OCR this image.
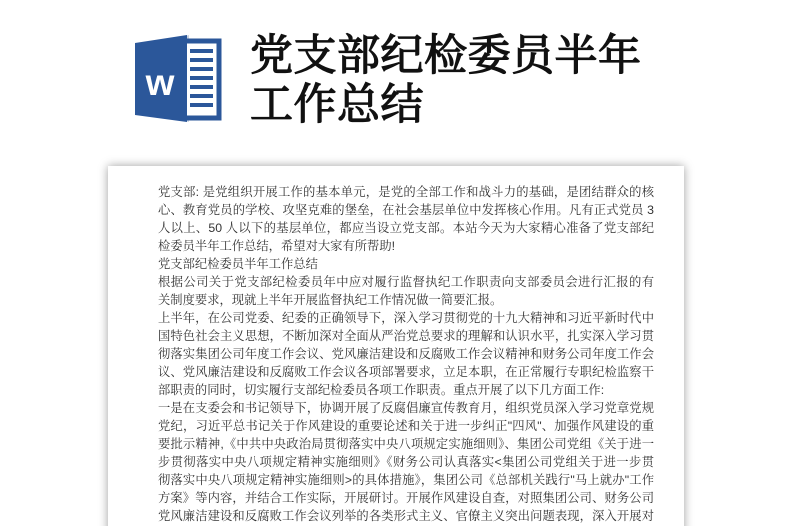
w
党支部纪检委员半年
工作总结
党支部: 是党组织开展工作的基本单元，是党的全部工作和战斗力的基础，是团结群众的核
心、教育党员的学校、攻坚克难的堡垒，在社会基层单位中发挥核心作用。凡有正式党员 3
人以上、50 人以下的基层单位，都应当设立党支部。本站今天为大家精心准备了党支部纪
检委员半年工作总结，希望对大家有所帮助!
党支部纪检委员半年工作总结
根据公司关于党支部纪检委员年中应对履行监督执纪工作职责向支部委员会进行汇报的有
关制度要求，现就上半年开展监督执纪工作情况做一简要汇报。
上半年，在公司党委、纪委的正确领导下，深入学习贯彻党的十九大精神和习近平新时代中
国特色社会主义思想，不断加深对全面从严治党总要求的理解和认识水平，扎实深入学习贯
彻落实集团公司年度工作会议、党风廉洁建设和反腐败工作会议精神和财务公司年度工作会
议、党风廉洁建设和反腐败工作会议各项部署要求，立足本职，在正常履行专职纪检监察干
部职责的同时，切实履行支部纪检委员各项工作职责。重点开展了以下几方面工作:
一是在支委会和书记领导下，协调开展了反腐倡廉宣传教育月，组织党员深入学习党章党规
党纪，习近平总书记关于作风建设的重要论述和关于进一步纠正"四风"、加强作风建设的重
要批示精神,《中共中央政治局贯彻落实中央八项规定实施细则》、集团公司党组《关于进一
步贯彻落实中央八项规定精神实施细则》《财务公司认真落实<集团公司党组关于进一步贯
彻落实中央八项规定精神实施细则>的具体措施》，集团公司《总部机关践行"马上就办"工作
方案》等内容，并结合工作实际，开展研讨。开展作风建设自查，对照集团公司、财务公司
党风廉洁建设和反腐败工作会议列举的各类形式主义、官僚主义突出问题表现，深入开展对
